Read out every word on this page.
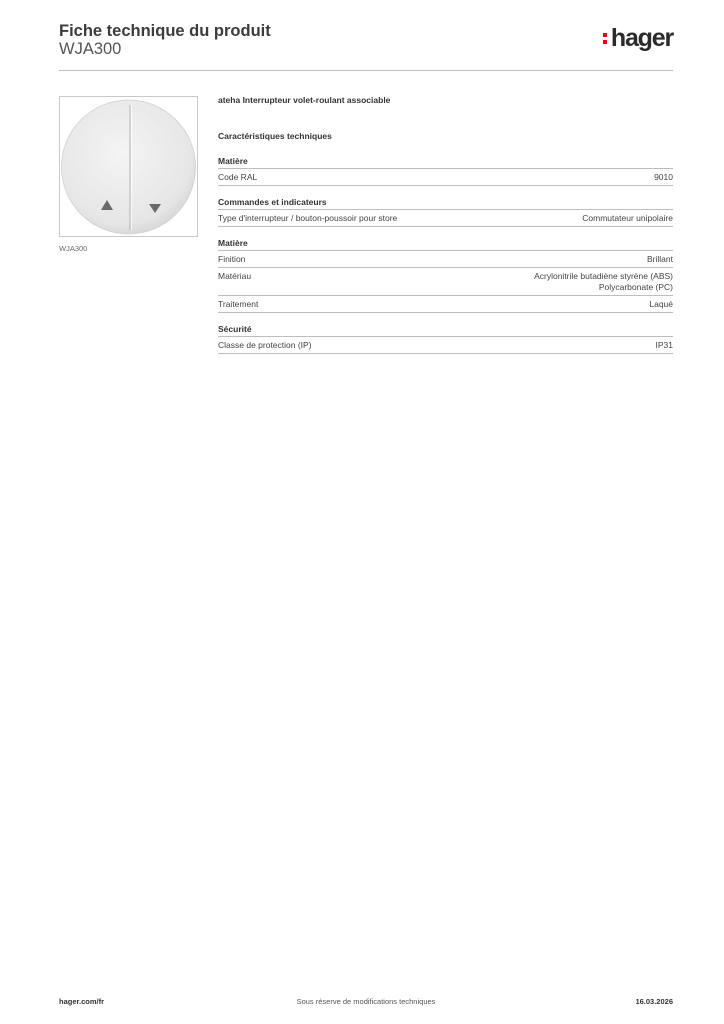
Fiche technique du produit
WJA300	hager
WJA300
ateha Interrupteur volet-roulant associable
Caractéristiques techniques
Matière
Code RAL	9010
Commandes et indicateurs
Type d'interrupteur / bouton-poussoir pour store	Commutateur unipolaire
Matière
Finition	Brillant
Matériau	Acrylonitrile butadiène styrène (ABS)
Polycarbonate (PC)
Traitement	Laqué
Sécurité
Classe de protection (IP)	IP31
hager.com/fr	Sous réserve de modifications techniques	16.03.2026
